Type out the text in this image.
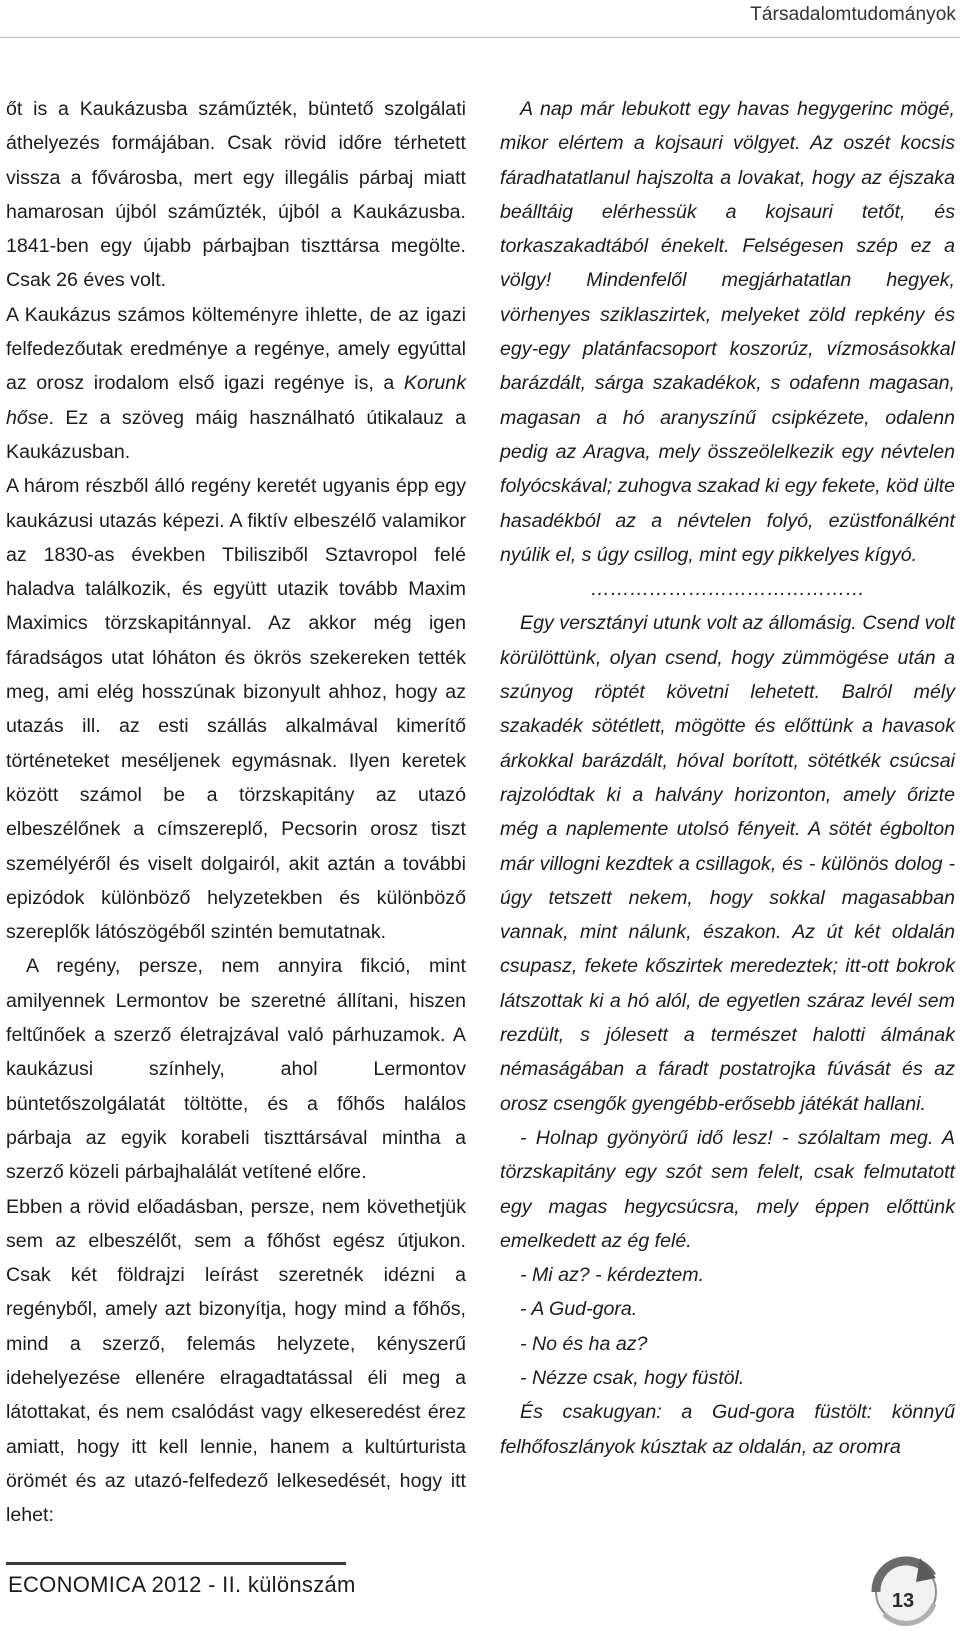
Társadalomtudományok

őt is a Kaukázusba száműzték, büntető szolgálati áthelyezés formájában. Csak rövid időre térhetett vissza a fővárosba, mert egy illegális párbaj miatt hamarosan újból száműzték, újból a Kaukázusba. 1841-ben egy újabb párbajban tiszttársa megölte. Csak 26 éves volt.

A Kaukázus számos költeményre ihlette, de az igazi felfedezőutak eredménye a regénye, amely egyúttal az orosz irodalom első igazi regénye is, a Korunk hőse. Ez a szöveg máig használható útikalauz a Kaukázusban.

A három részből álló regény keretét ugyanis épp egy kaukázusi utazás képezi. A fiktív elbeszélő valamikor az 1830-as években Tbilisziből Sztavropol felé haladva találkozik, és együtt utazik tovább Maxim Maximics törzskapitánnyal. Az akkor még igen fáradságos utat lóháton és ökrös szekereken tették meg, ami elég hosszúnak bizonyult ahhoz, hogy az utazás ill. az esti szállás alkalmával kimerítő történeteket meséljenek egymásnak. Ilyen keretek között számol be a törzskapitány az utazó elbeszélőnek a címszereplő, Pecsorin orosz tiszt személyéről és viselt dolgairól, akit aztán a további epizódok különböző helyzetekben és különböző szereplők látószögéből szintén bemutatnak.

A regény, persze, nem annyira fikció, mint amilyennek Lermontov be szeretné állítani, hiszen feltűnőek a szerző életrajzával való párhuzamok. A kaukázusi színhely, ahol Lermontov büntetőszolgálatát töltötte, és a főhős halálos párbaja az egyik korabeli tiszttársával mintha a szerző közeli párbajhalálát vetítené előre.

Ebben a rövid előadásban, persze, nem követhetjük sem az elbeszélőt, sem a főhőst egész útjukon. Csak két földrajzi leírást szeretnék idézni a regényből, amely azt bizonyítja, hogy mind a főhős, mind a szerző, felemás helyzete, kényszerű idehelyezése ellenére elragadtatással éli meg a látottakat, és nem csalódást vagy elkeseredést érez amiatt, hogy itt kell lennie, hanem a kultúrturista örömét és az utazó-felfedező lelkesedését, hogy itt lehet:

A nap már lebukott egy havas hegygerinc mögé, mikor elértem a kojsauri völgyet. Az oszét kocsis fáradhatatlanul hajszolta a lovakat, hogy az éjszaka beálltáig elérhessük a kojsauri tetőt, és torkaszakadtából énekelt. Felségesen szép ez a völgy! Mindenfelől megjárhatatlan hegyek, vörhenyes sziklaszirtek, melyeket zöld repkény és egy-egy platánfacsoport koszorúz, vízmosásokkal barázdált, sárga szakadékok, s odafenn magasan, magasan a hó aranyszínű csipkézete, odalenn pedig az Aragva, mely összeölelkezik egy névtelen folyócskával; zuhogva szakad ki egy fekete, köd ülte hasadékból az a névtelen folyó, ezüstfonálként nyúlik el, s úgy csillog, mint egy pikkelyes kígyó.

……………………………………

Egy versztányi utunk volt az állomásig. Csend volt körülöttünk, olyan csend, hogy zümmögése után a szúnyog röptét követni lehetett. Balról mély szakadék sötétlett, mögötte és előttünk a havasok árkokkal barázdált, hóval borított, sötétkék csúcsai rajzolódtak ki a halvány horizonton, amely őrizte még a naplemente utolsó fényeit. A sötét égbolton már villogni kezdtek a csillagok, és - különös dolog - úgy tetszett nekem, hogy sokkal magasabban vannak, mint nálunk, északon. Az út két oldalán csupasz, fekete kőszirtek meredeztek; itt-ott bokrok látszottak ki a hó alól, de egyetlen száraz levél sem rezdült, s jólesett a természet halotti álmának némaságában a fáradt postatrojka fúvását és az orosz csengők gyengébb-erősebb játékát hallani.

- Holnap gyönyörű idő lesz! - szólaltam meg. A törzskapitány egy szót sem felelt, csak felmutatott egy magas hegycsúcsra, mely éppen előttünk emelkedett az ég felé.

- Mi az? - kérdeztem.

- A Gud-gora.

- No és ha az?

- Nézze csak, hogy füstöl.

És csakugyan: a Gud-gora füstölt: könnyű felhőfoszlányok kúsztak az oldalán, az oromra

ECONOMICA 2012 - II. különszám
13
